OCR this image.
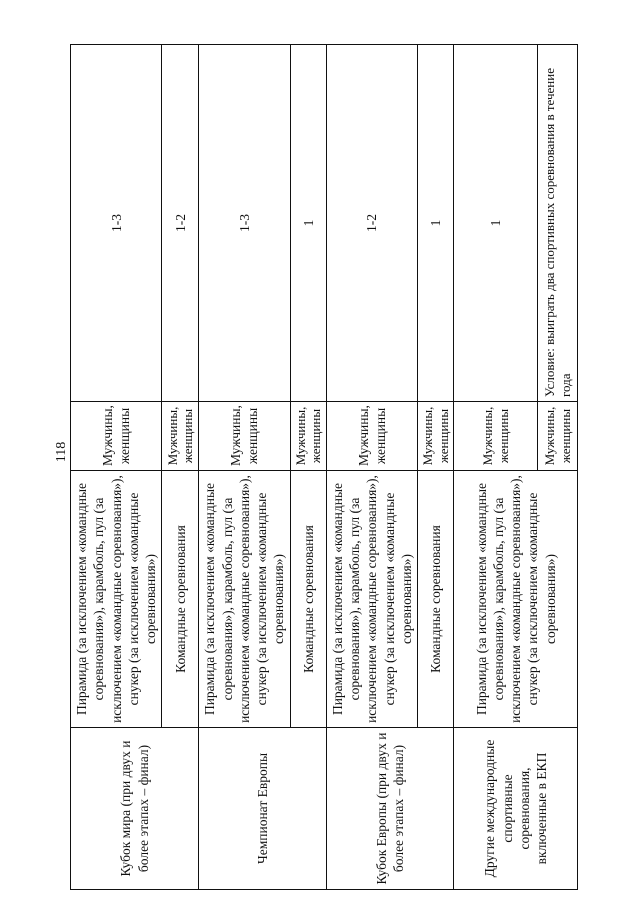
118
Кубок мира (при двух и более этапах – финал)	Пирамида (за исключением «командные соревнования»), карамболь, пул (за исключением «командные соревнования»), снукер (за исключением «командные соревнования»)	Мужчины, женщины	1-3
	Командные соревнования	Мужчины, женщины	1-2
Чемпионат Европы	Пирамида (за исключением «командные соревнования»), карамболь, пул (за исключением «командные соревнования»), снукер (за исключением «командные соревнования»)	Мужчины, женщины	1-3
	Командные соревнования	Мужчины, женщины	1
Кубок Европы (при двух и более этапах – финал)	Пирамида (за исключением «командные соревнования»), карамболь, пул (за исключением «командные соревнования»), снукер (за исключением «командные соревнования»)	Мужчины, женщины	1-2
	Командные соревнования	Мужчины, женщины	1
Другие международные спортивные соревнования, включенные в ЕКП	Пирамида (за исключением «командные соревнования»), карамболь, пул (за исключением «командные соревнования»), снукер (за исключением «командные соревнования»)	Мужчины, женщины	1
		Мужчины, женщины	Условие: выиграть два спортивных соревнования в течение года
